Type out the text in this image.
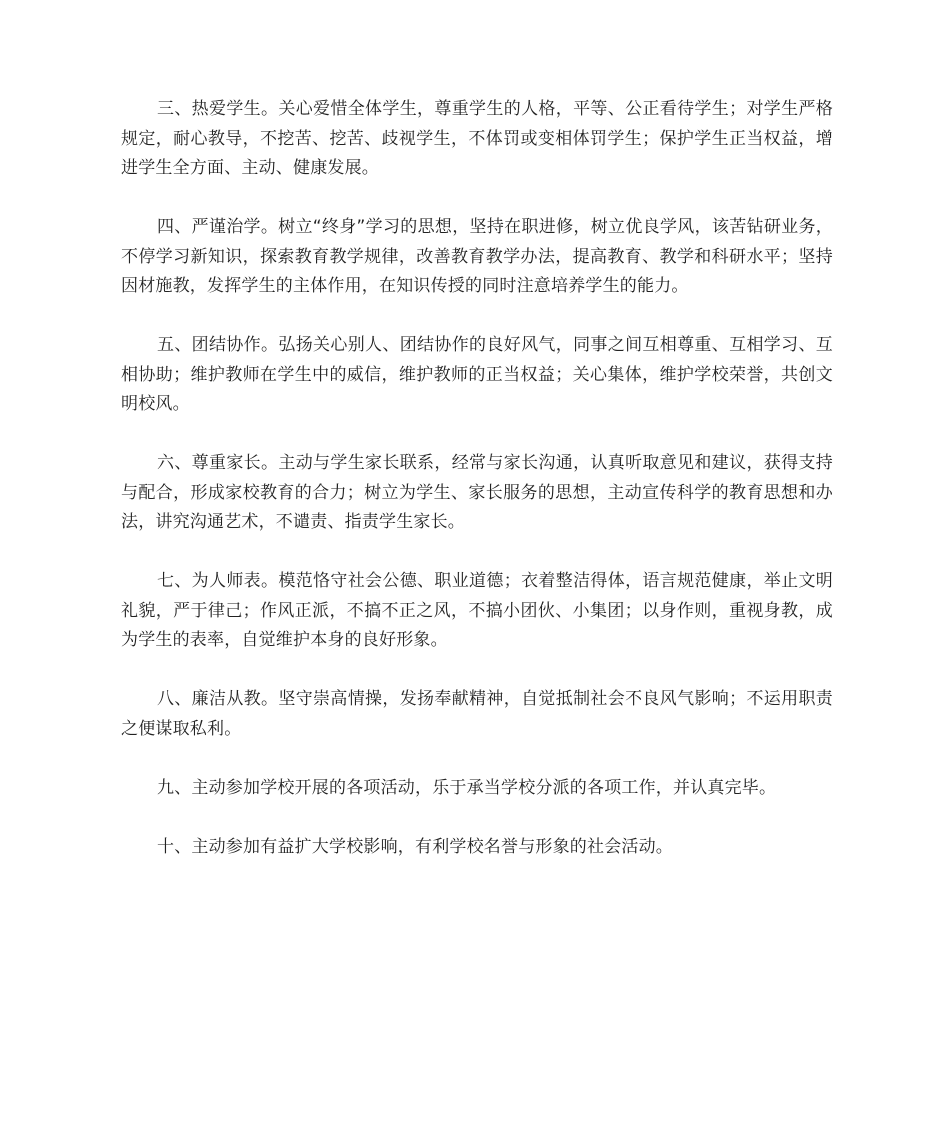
三、热爱学生。关心爱惜全体学生，尊重学生的人格，平等、公正看待学生；对学生严格规定，耐心教导，不挖苦、挖苦、歧视学生，不体罚或变相体罚学生；保护学生正当权益，增进学生全方面、主动、健康发展。

四、严谨治学。树立“终身”学习的思想，坚持在职进修，树立优良学风，该苦钻研业务，不停学习新知识，探索教育教学规律，改善教育教学办法，提高教育、教学和科研水平；坚持因材施教，发挥学生的主体作用，在知识传授的同时注意培养学生的能力。

五、团结协作。弘扬关心别人、团结协作的良好风气，同事之间互相尊重、互相学习、互相协助；维护教师在学生中的威信，维护教师的正当权益；关心集体，维护学校荣誉，共创文明校风。

六、尊重家长。主动与学生家长联系，经常与家长沟通，认真听取意见和建议，获得支持与配合，形成家校教育的合力；树立为学生、家长服务的思想，主动宣传科学的教育思想和办法，讲究沟通艺术，不谴责、指责学生家长。

七、为人师表。模范恪守社会公德、职业道德；衣着整洁得体，语言规范健康，举止文明礼貌，严于律己；作风正派，不搞不正之风，不搞小团伙、小集团；以身作则，重视身教，成为学生的表率，自觉维护本身的良好形象。

八、廉洁从教。坚守崇高情操，发扬奉献精神，自觉抵制社会不良风气影响；不运用职责之便谋取私利。

九、主动参加学校开展的各项活动，乐于承当学校分派的各项工作，并认真完毕。

十、主动参加有益扩大学校影响，有利学校名誉与形象的社会活动。
